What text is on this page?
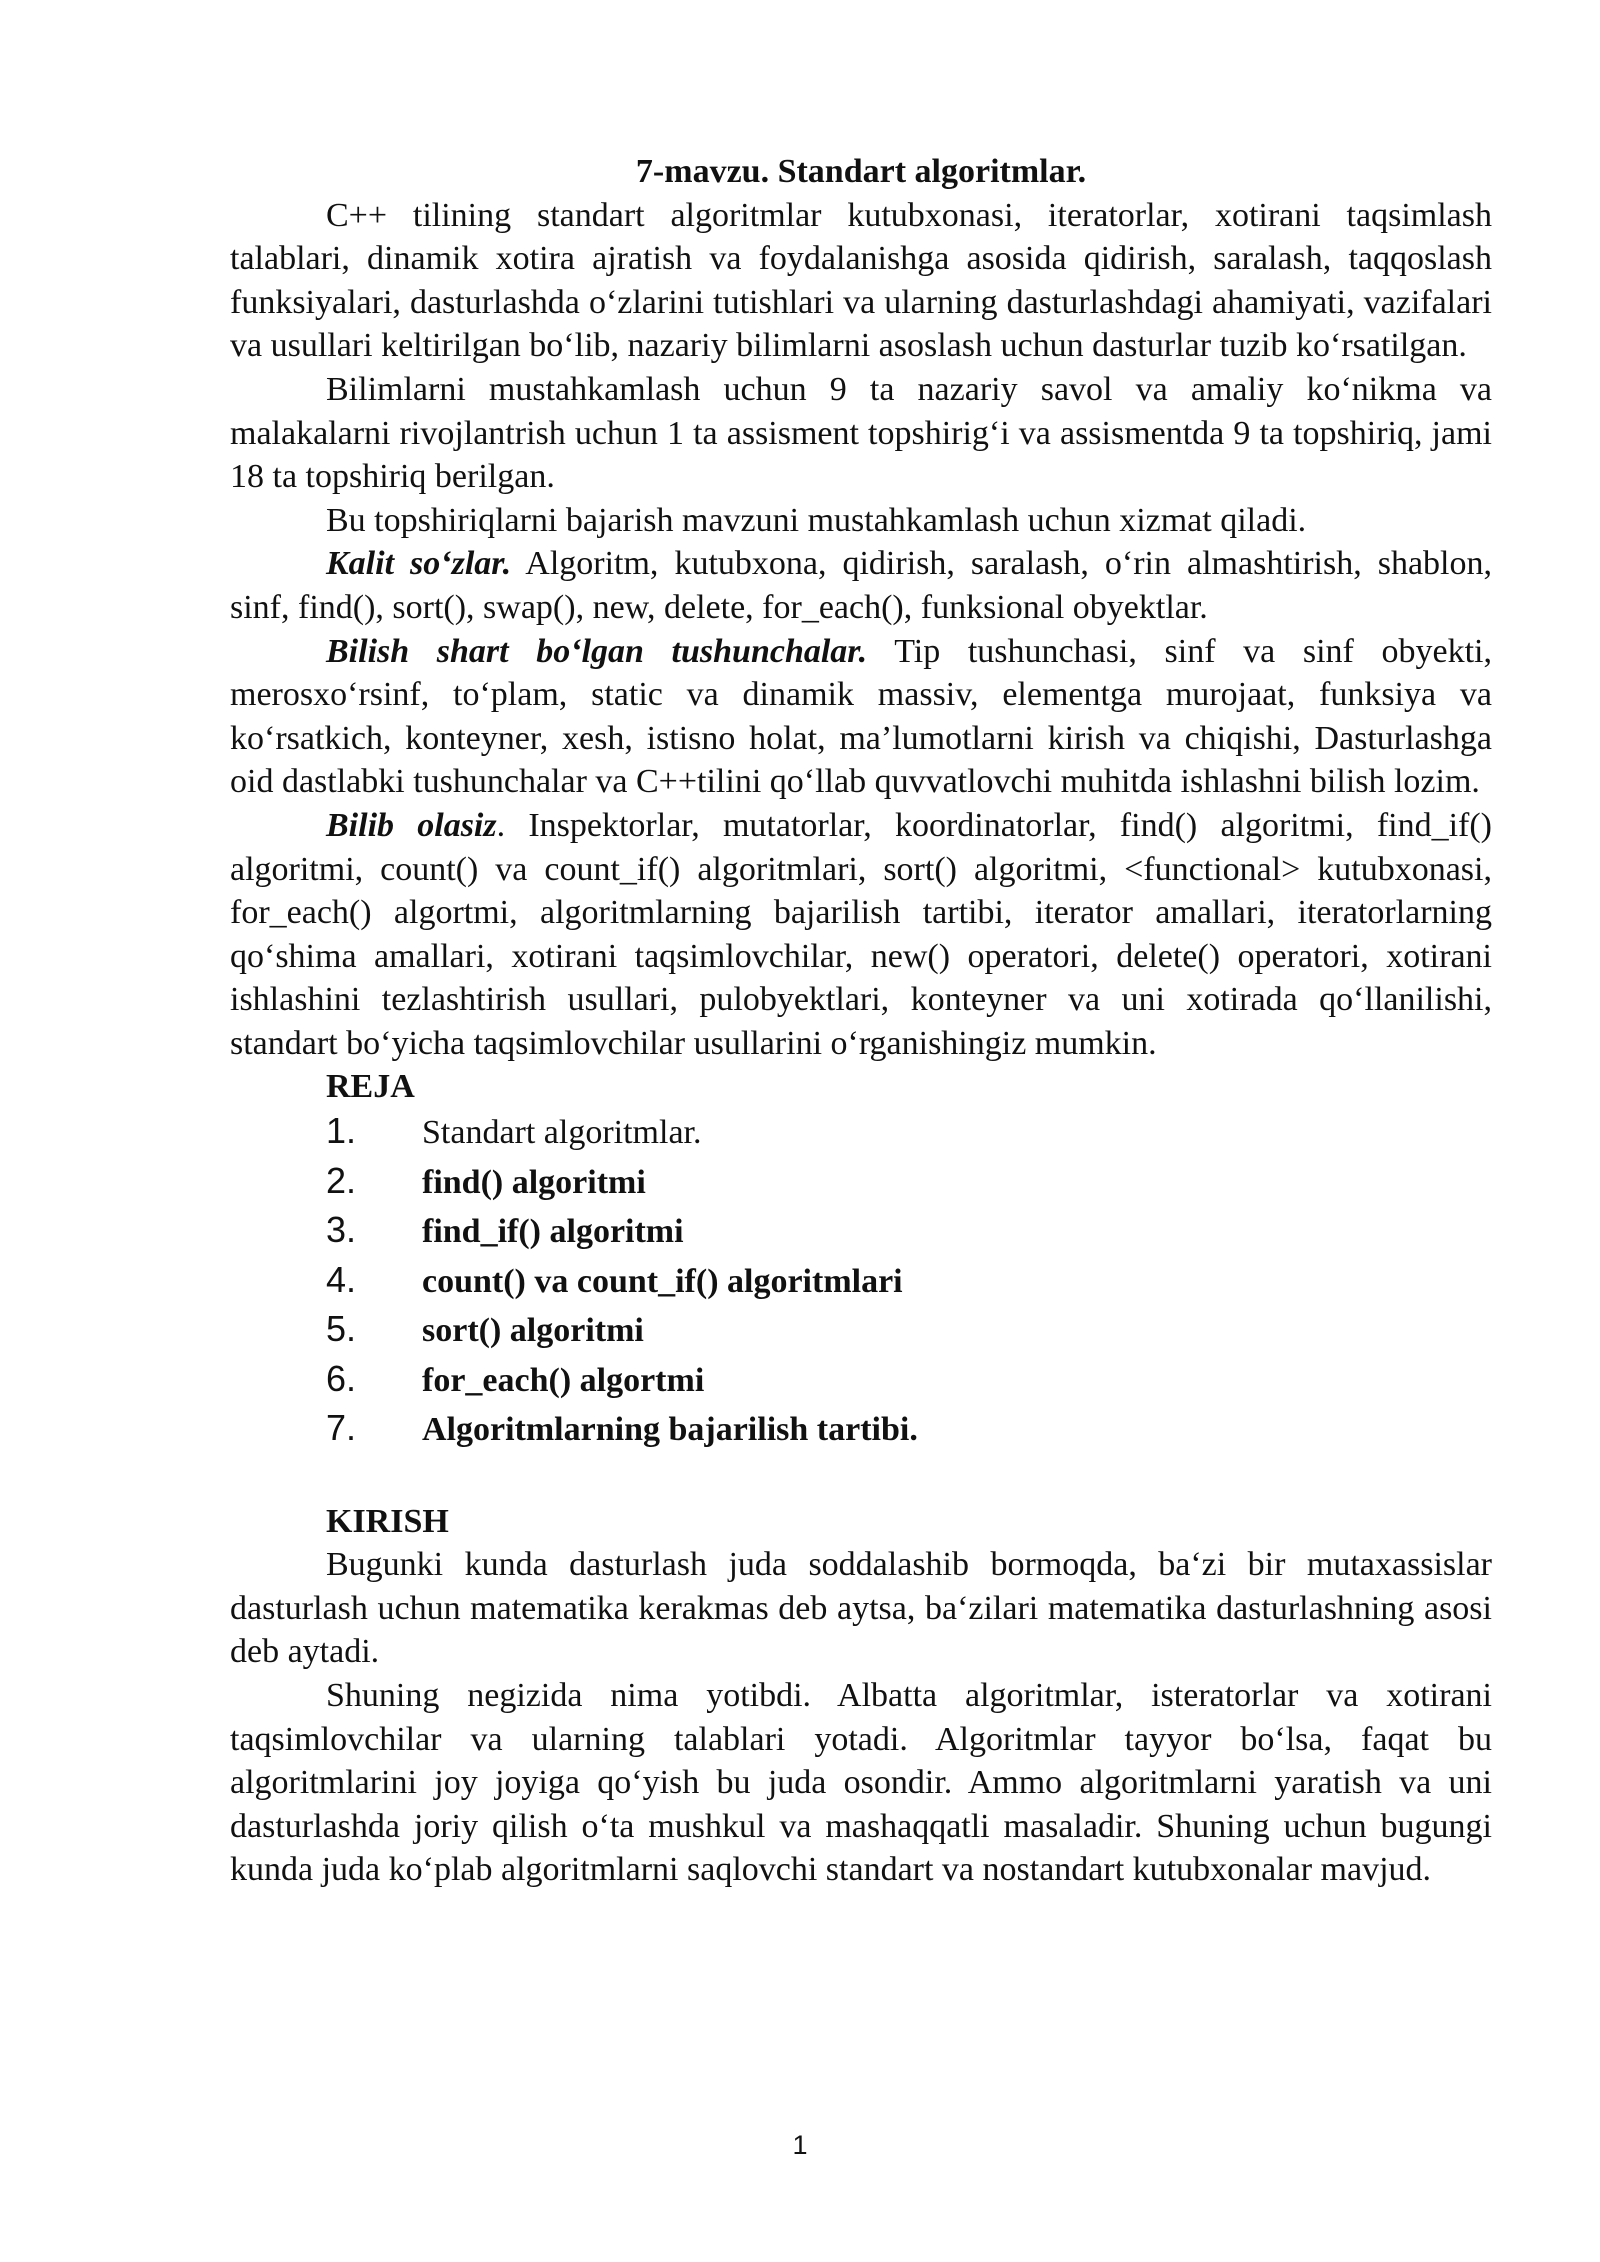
7-mavzu. Standart algoritmlar.

C++ tilining standart algoritmlar kutubxonasi, iteratorlar, xotirani taqsimlash talablari, dinamik xotira ajratish va foydalanishga asosida qidirish, saralash, taqqoslash funksiyalari, dasturlashda o‘zlarini tutishlari va ularning dasturlashdagi ahamiyati, vazifalari va usullari keltirilgan bo‘lib, nazariy bilimlarni asoslash uchun dasturlar tuzib ko‘rsatilgan.

Bilimlarni mustahkamlash uchun 9 ta nazariy savol va amaliy ko‘nikma va malakalarni rivojlantrish uchun 1 ta assisment topshirig‘i va assismentda 9 ta topshiriq, jami 18 ta topshiriq berilgan.

Bu topshiriqlarni bajarish mavzuni mustahkamlash uchun xizmat qiladi.

Kalit so‘zlar. Algoritm, kutubxona, qidirish, saralash, o‘rin almashtirish, shablon, sinf, find(), sort(), swap(), new, delete, for_each(), funksional obyektlar.

Bilish shart bo‘lgan tushunchalar. Tip tushunchasi, sinf va sinf obyekti, merosxo‘rsinf, to‘plam, static va dinamik massiv, elementga murojaat, funksiya va ko‘rsatkich, konteyner, xesh, istisno holat, ma’lumotlarni kirish va chiqishi, Dasturlashga oid dastlabki tushunchalar va C++tilini qo‘llab quvvatlovchi muhitda ishlashni bilish lozim.

Bilib olasiz. Inspektorlar, mutatorlar, koordinatorlar, find() algoritmi, find_if() algoritmi, count() va count_if() algoritmlari, sort() algoritmi, <functional> kutubxonasi, for_each() algortmi, algoritmlarning bajarilish tartibi, iterator amallari, iteratorlarning qo‘shima amallari, xotirani taqsimlovchilar, new() operatori, delete() operatori, xotirani ishlashini tezlashtirish usullari, pulobyektlari, konteyner va uni xotirada qo‘llanilishi, standart bo‘yicha taqsimlovchilar usullarini o‘rganishingiz mumkin.

REJA
1.	Standart algoritmlar.
2.	find() algoritmi
3.	find_if() algoritmi
4.	count() va count_if() algoritmlari
5.	sort() algoritmi
6.	for_each() algortmi
7.	Algoritmlarning bajarilish tartibi.
KIRISH

Bugunki kunda dasturlash juda soddalashib bormoqda, ba‘zi bir mutaxassislar dasturlash uchun matematika kerakmas deb aytsa, ba‘zilari matematika dasturlashning asosi deb aytadi.

Shuning negizida nima yotibdi. Albatta algoritmlar, isteratorlar va xotirani taqsimlovchilar va ularning talablari yotadi. Algoritmlar tayyor bo‘lsa, faqat bu algoritmlarini joy joyiga qo‘yish bu juda osondir. Ammo algoritmlarni yaratish va uni dasturlashda joriy qilish o‘ta mushkul va mashaqqatli masaladir. Shuning uchun bugungi kunda juda ko‘plab algoritmlarni saqlovchi standart va nostandart kutubxonalar mavjud.

1
